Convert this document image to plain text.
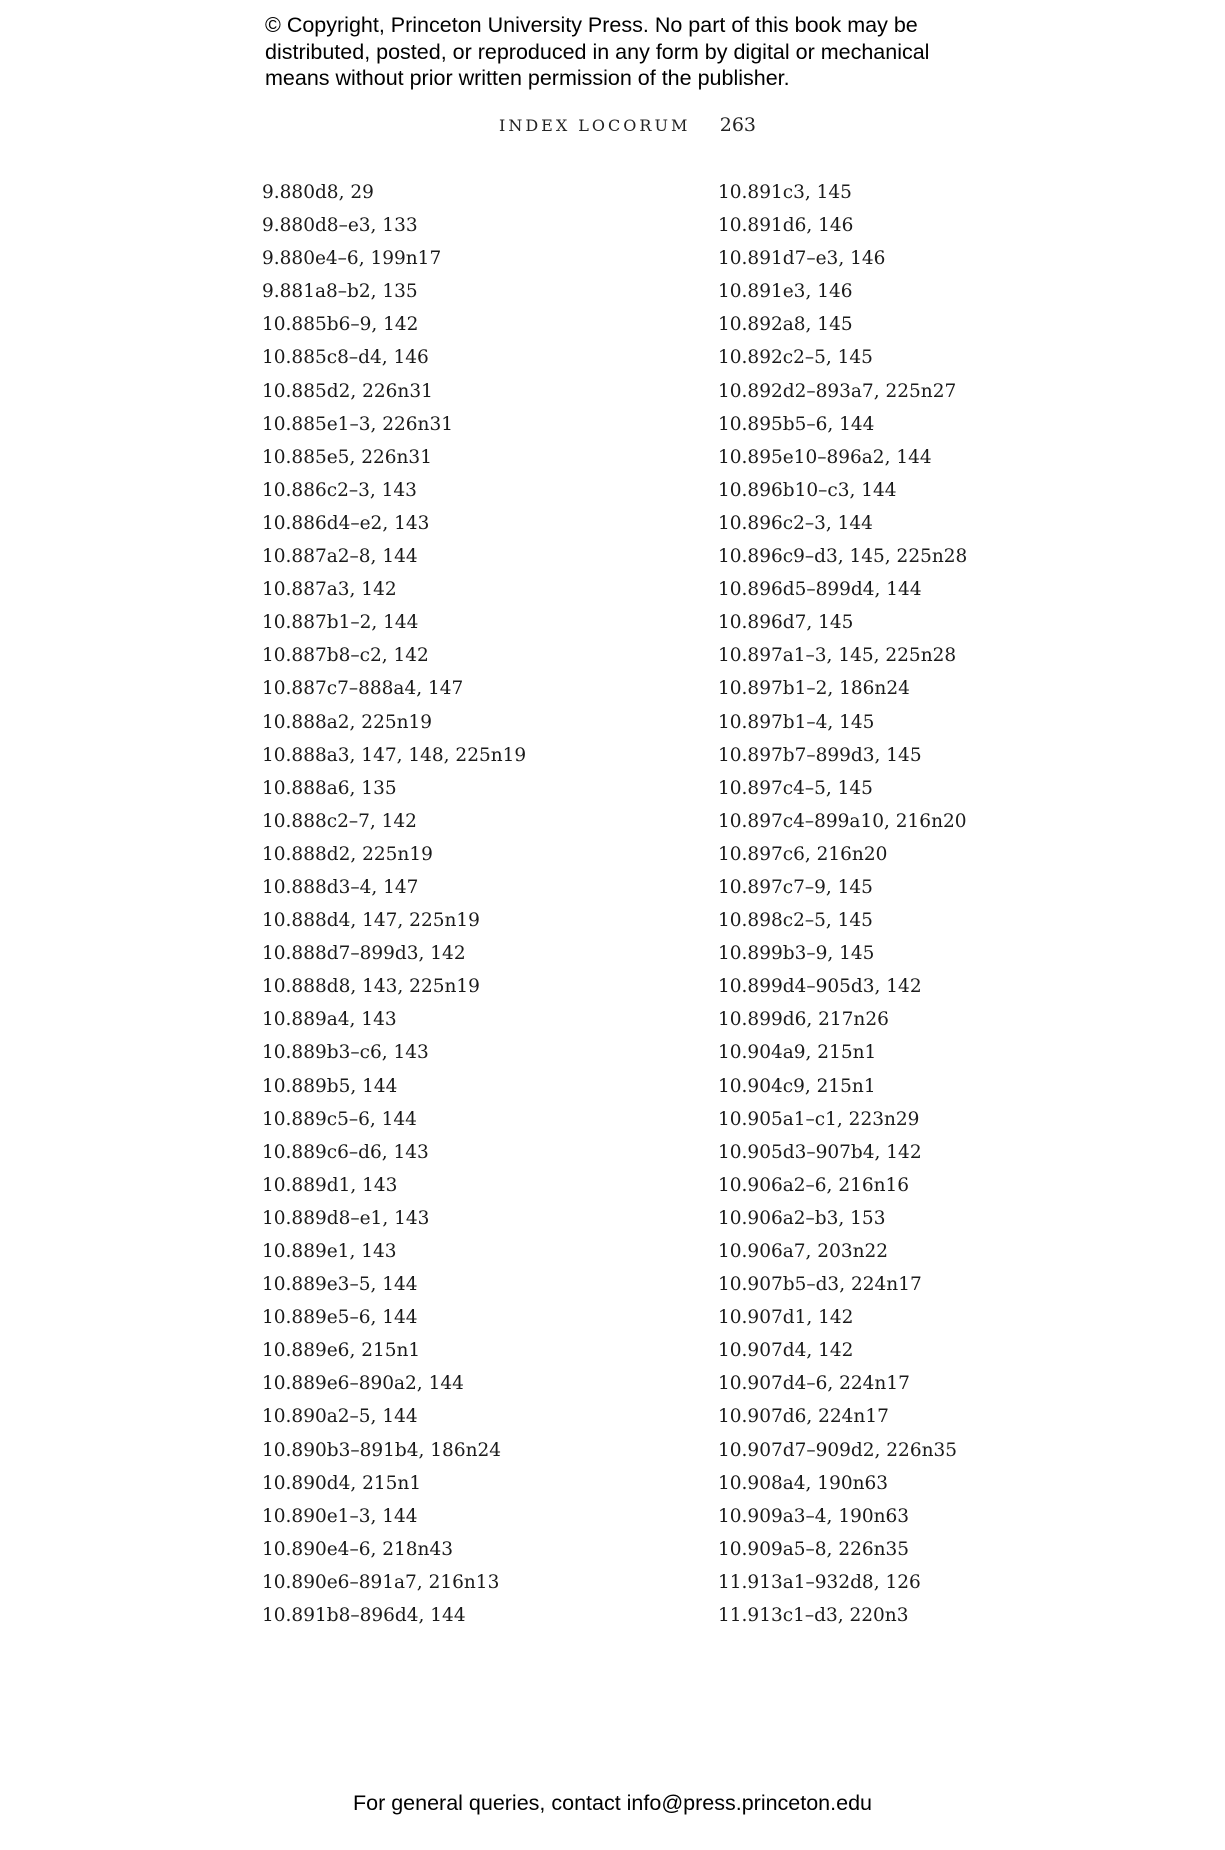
© Copyright, Princeton University Press. No part of this book may be distributed, posted, or reproduced in any form by digital or mechanical means without prior written permission of the publisher.

INDEX LOCORUM 263
9.880d8, 29
9.880d8–e3, 133
9.880e4–6, 199n17
9.881a8–b2, 135
10.885b6–9, 142
10.885c8–d4, 146
10.885d2, 226n31
10.885e1–3, 226n31
10.885e5, 226n31
10.886c2–3, 143
10.886d4–e2, 143
10.887a2–8, 144
10.887a3, 142
10.887b1–2, 144
10.887b8–c2, 142
10.887c7–888a4, 147
10.888a2, 225n19
10.888a3, 147, 148, 225n19
10.888a6, 135
10.888c2–7, 142
10.888d2, 225n19
10.888d3–4, 147
10.888d4, 147, 225n19
10.888d7–899d3, 142
10.888d8, 143, 225n19
10.889a4, 143
10.889b3–c6, 143
10.889b5, 144
10.889c5–6, 144
10.889c6–d6, 143
10.889d1, 143
10.889d8–e1, 143
10.889e1, 143
10.889e3–5, 144
10.889e5–6, 144
10.889e6, 215n1
10.889e6–890a2, 144
10.890a2–5, 144
10.890b3–891b4, 186n24
10.890d4, 215n1
10.890e1–3, 144
10.890e4–6, 218n43
10.890e6–891a7, 216n13
10.891b8–896d4, 144
10.891c3, 145
10.891d6, 146
10.891d7–e3, 146
10.891e3, 146
10.892a8, 145
10.892c2–5, 145
10.892d2–893a7, 225n27
10.895b5–6, 144
10.895e10–896a2, 144
10.896b10–c3, 144
10.896c2–3, 144
10.896c9–d3, 145, 225n28
10.896d5–899d4, 144
10.896d7, 145
10.897a1–3, 145, 225n28
10.897b1–2, 186n24
10.897b1–4, 145
10.897b7–899d3, 145
10.897c4–5, 145
10.897c4–899a10, 216n20
10.897c6, 216n20
10.897c7–9, 145
10.898c2–5, 145
10.899b3–9, 145
10.899d4–905d3, 142
10.899d6, 217n26
10.904a9, 215n1
10.904c9, 215n1
10.905a1–c1, 223n29
10.905d3–907b4, 142
10.906a2–6, 216n16
10.906a2–b3, 153
10.906a7, 203n22
10.907b5–d3, 224n17
10.907d1, 142
10.907d4, 142
10.907d4–6, 224n17
10.907d6, 224n17
10.907d7–909d2, 226n35
10.908a4, 190n63
10.909a3–4, 190n63
10.909a5–8, 226n35
11.913a1–932d8, 126
11.913c1–d3, 220n3
For general queries, contact info@press.princeton.edu
